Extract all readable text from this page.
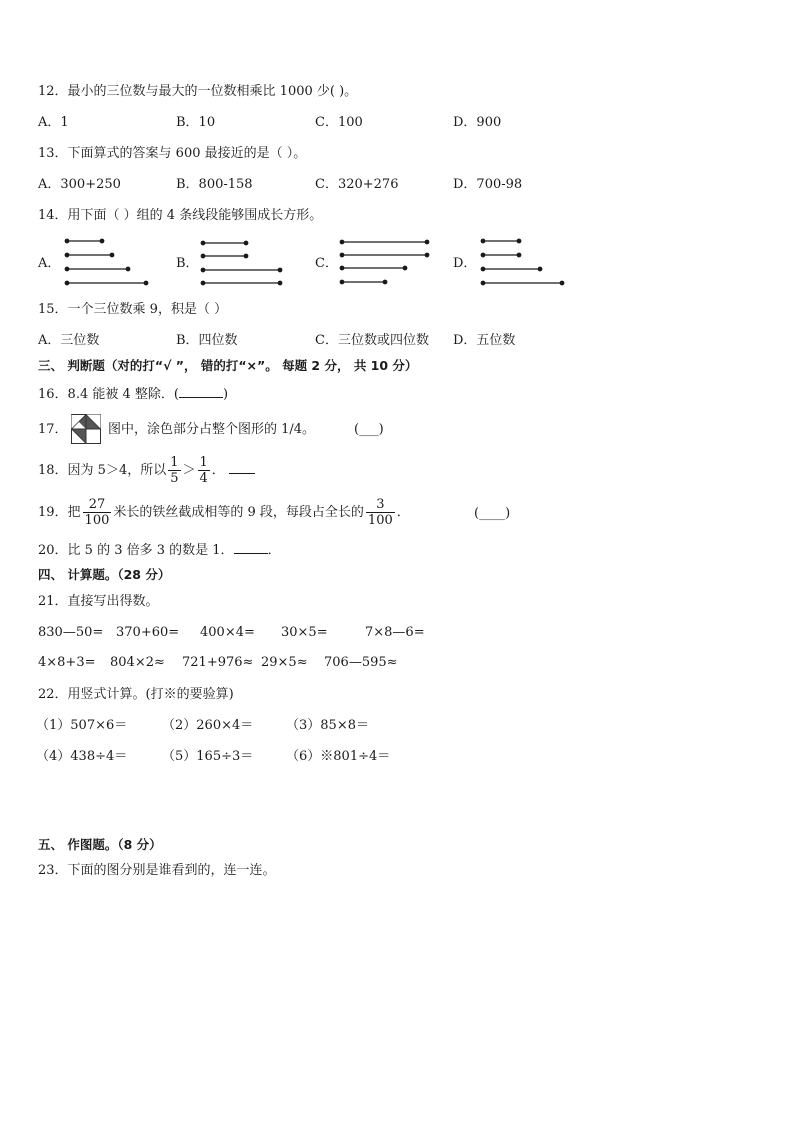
12．最小的三位数与最大的一位数相乘比 1000 少( )。
A．1	B．10	C．100	D．900
13．下面算式的答案与 600 最接近的是（ ）。
A．300+250	B．800-158	C．320+276	D．700-98
14．用下面（ ）组的 4 条线段能够围成长方形。
A．	B．	C．	D．
15．一个三位数乘 9，积是（ ）
A．三位数	B．四位数	C．三位数或四位数 D．五位数
三、 判断题（对的打“√ ”， 错的打“×”。 每题 2 分， 共 10 分）
16．8.4 能被 4 整除．(	)
17．	图中，涂色部分占整个图形的 1/4。	(___)
18．因为 5＞4，所以 $\frac{1}{5} > \frac{1}{4}$ ．
19．把 $\frac{27}{100}$ 米长的铁丝截成相等的 9 段，每段占全长的 $\frac{3}{100}$ ．	(____)
20．比 5 的 3 倍多 3 的数是 1．	．
四、 计算题。（28 分）
21．直接写出得数。
830—50= 370+60= 400×4= 30×5=	7×8—6=
4×8+3= 804×2≈ 721+976≈ 29×5≈ 706—595≈
22．用竖式计算。(打※的要验算)
（1）507×6＝	（2）260×4＝	（3）85×8＝
（4）438÷4＝	（5）165÷3＝	（6）※801÷4＝
五、 作图题。（8 分）
23．下面的图分别是谁看到的，连一连。
